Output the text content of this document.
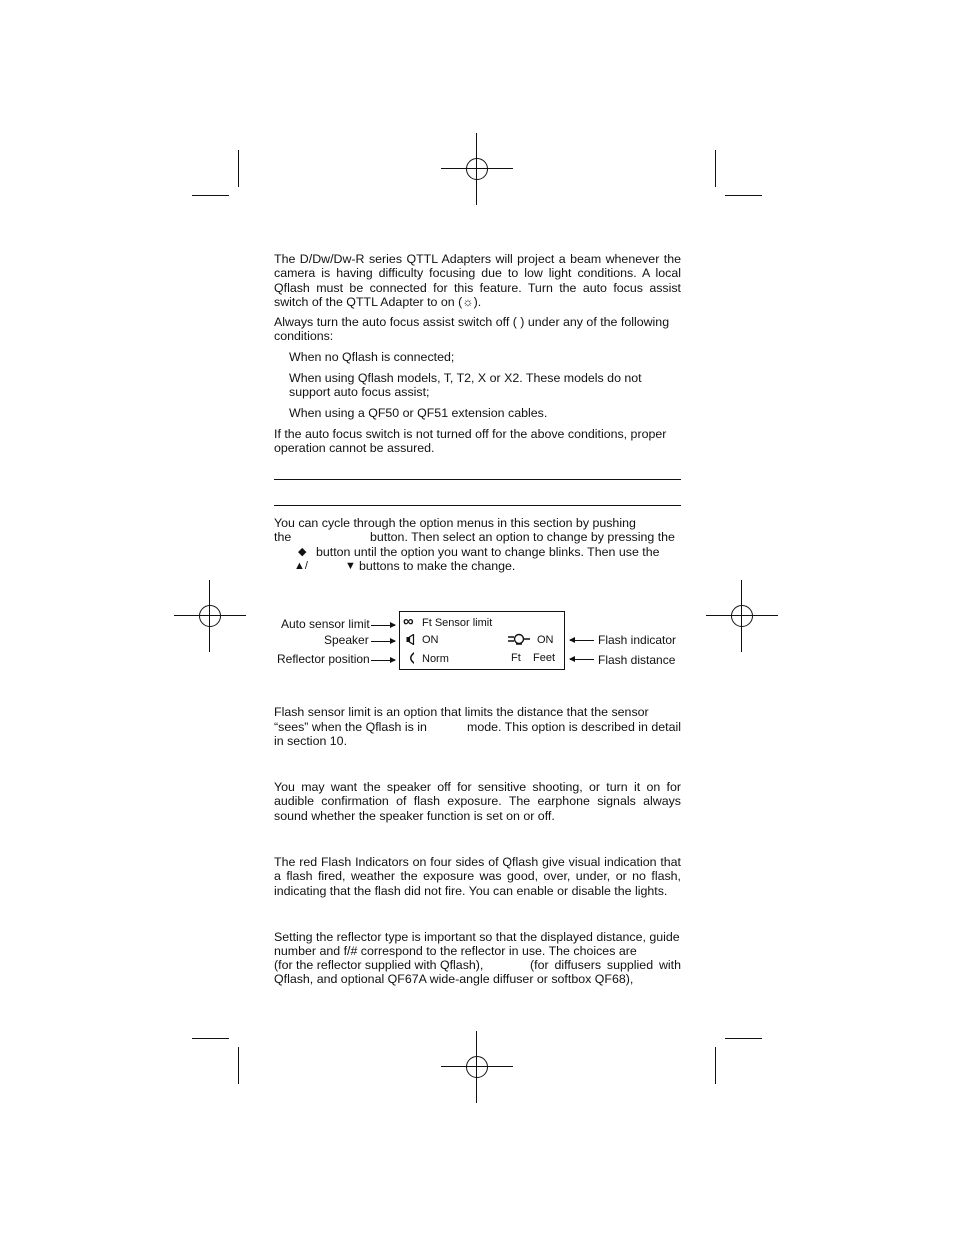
The D/Dw/Dw-R series QTTL Adapters will project a beam whenever the camera is having difficulty focusing due to low light conditions. A local Qflash must be connected for this feature. Turn the auto focus assist switch of the QTTL Adapter to on (☼).

Always turn the auto focus assist switch off ( ) under any of the following conditions:

When no Qflash is connected;

When using Qflash models, T, T2, X or X2. These models do not support auto focus assist;

When using a QF50 or QF51 extension cables.

If the auto focus switch is not turned off for the above conditions, proper operation cannot be assured.

You can cycle through the option menus in this section by pushing
the	button. Then select an option to change by pressing the
◆ button until the option you want to change blinks. Then use the
▲/	▼ buttons to make the change.
Auto sensor limit
Speaker
Reflector position
∞ Ft Sensor limit
ON	ON
Norm	Ft Feet
Flash indicator
Flash distance
Flash sensor limit is an option that limits the distance that the sensor
“sees” when the Qflash is in	mode. This option is described in detail
in section 10.

You may want the speaker off for sensitive shooting, or turn it on for audible confirmation of flash exposure. The earphone signals always sound whether the speaker function is set on or off.

The red Flash Indicators on four sides of Qflash give visual indication that a flash fired, weather the exposure was good, over, under, or no flash, indicating that the flash did not fire. You can enable or disable the lights.

Setting the reflector type is important so that the displayed distance, guide
number and f/# correspond to the reflector in use. The choices are
(for the reflector supplied with Qflash),	(for diffusers supplied with
Qflash, and optional QF67A wide-angle diffuser or softbox QF68),
